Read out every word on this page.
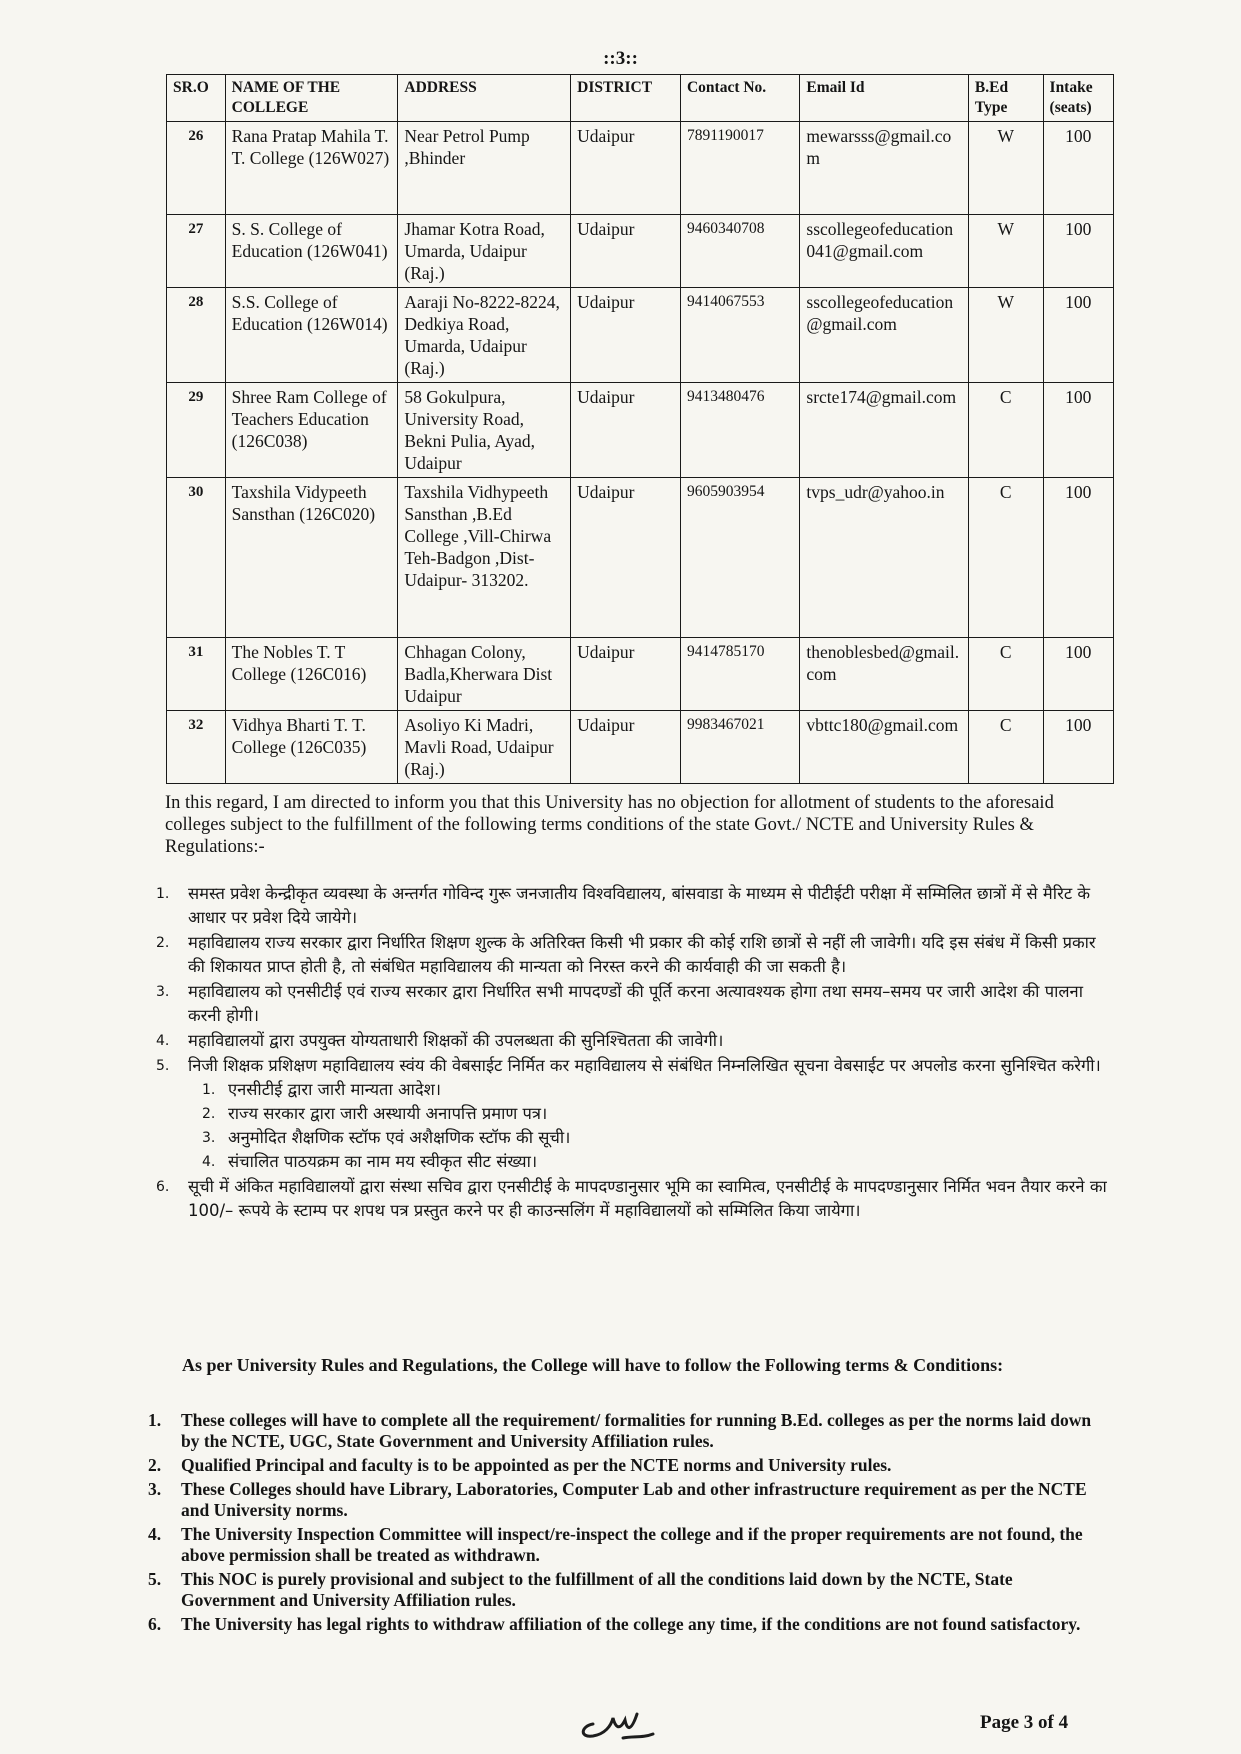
::3::
SR.O	NAME OF THE COLLEGE	ADDRESS	DISTRICT	Contact No.	Email Id	B.Ed Type	Intake (seats)
26	Rana Pratap Mahila T. T. College (126W027)	Near Petrol Pump ,Bhinder	Udaipur	7891190017	mewarsss@gmail.com	W	100
27	S. S. College of Education (126W041)	Jhamar Kotra Road, Umarda, Udaipur (Raj.)	Udaipur	9460340708	sscollegeofeducation041@gmail.com	W	100
28	S.S. College of Education (126W014)	Aaraji No-8222-8224, Dedkiya Road, Umarda, Udaipur (Raj.)	Udaipur	9414067553	sscollegeofeducation@gmail.com	W	100
29	Shree Ram College of Teachers Education (126C038)	58 Gokulpura, University Road, Bekni Pulia, Ayad, Udaipur	Udaipur	9413480476	srcte174@gmail.com	C	100
30	Taxshila Vidypeeth Sansthan (126C020)	Taxshila Vidhypeeth Sansthan ,B.Ed College ,Vill-Chirwa Teh-Badgon ,Dist-Udaipur- 313202.	Udaipur	9605903954	tvps_udr@yahoo.in	C	100
31	The Nobles T. T College (126C016)	Chhagan Colony, Badla,Kherwara Dist Udaipur	Udaipur	9414785170	thenoblesbed@gmail.com	C	100
32	Vidhya Bharti T. T. College (126C035)	Asoliyo Ki Madri, Mavli Road, Udaipur (Raj.)	Udaipur	9983467021	vbttc180@gmail.com	C	100

In this regard, I am directed to inform you that this University has no objection for allotment of students to the aforesaid colleges subject to the fulfillment of the following terms conditions of the state Govt./ NCTE and University Rules & Regulations:-

1. समस्त प्रवेश केन्द्रीकृत व्यवस्था के अन्तर्गत गोविन्द गुरू जनजातीय विश्वविद्यालय, बांसवाडा के माध्यम से पीटीईटी परीक्षा में सम्मिलित छात्रों में से मैरिट के आधार पर प्रवेश दिये जायेगे।
2. महाविद्यालय राज्य सरकार द्वारा निर्धारित शिक्षण शुल्क के अतिरिक्त किसी भी प्रकार की कोई राशि छात्रों से नहीं ली जावेगी। यदि इस संबंध में किसी प्रकार की शिकायत प्राप्त होती है, तो संबंधित महाविद्यालय की मान्यता को निरस्त करने की कार्यवाही की जा सकती है।
3. महाविद्यालय को एनसीटीई एवं राज्य सरकार द्वारा निर्धारित सभी मापदण्डों की पूर्ति करना अत्यावश्यक होगा तथा समय–समय पर जारी आदेश की पालना करनी होगी।
4. महाविद्यालयों द्वारा उपयुक्त योग्यताधारी शिक्षकों की उपलब्धता की सुनिश्चितता की जावेगी।
5. निजी शिक्षक प्रशिक्षण महाविद्यालय स्वंय की वेबसाईट निर्मित कर महाविद्यालय से संबंधित निम्नलिखित सूचना वेबसाईट पर अपलोड करना सुनिश्चित करेगी।
1. एनसीटीई द्वारा जारी मान्यता आदेश।
2. राज्य सरकार द्वारा जारी अस्थायी अनापत्ति प्रमाण पत्र।
3. अनुमोदित शैक्षणिक स्टॉफ एवं अशैक्षणिक स्टॉफ की सूची।
4. संचालित पाठयक्रम का नाम मय स्वीकृत सीट संख्या।
6. सूची में अंकित महाविद्यालयों द्वारा संस्था सचिव द्वारा एनसीटीई के मापदण्डानुसार भूमि का स्वामित्व, एनसीटीई के मापदण्डानुसार निर्मित भवन तैयार करने का 100/– रूपये के स्टाम्प पर शपथ पत्र प्रस्तुत करने पर ही काउन्सलिंग में महाविद्यालयों को सम्मिलित किया जायेगा।

As per University Rules and Regulations, the College will have to follow the Following terms & Conditions:

1. These colleges will have to complete all the requirement/ formalities for running B.Ed. colleges as per the norms laid down by the NCTE, UGC, State Government and University Affiliation rules.
2. Qualified Principal and faculty is to be appointed as per the NCTE norms and University rules.
3. These Colleges should have Library, Laboratories, Computer Lab and other infrastructure requirement as per the NCTE and University norms.
4. The University Inspection Committee will inspect/re-inspect the college and if the proper requirements are not found, the above permission shall be treated as withdrawn.
5. This NOC is purely provisional and subject to the fulfillment of all the conditions laid down by the NCTE, State Government and University Affiliation rules.
6. The University has legal rights to withdraw affiliation of the college any time, if the conditions are not found satisfactory.
Page 3 of 4
